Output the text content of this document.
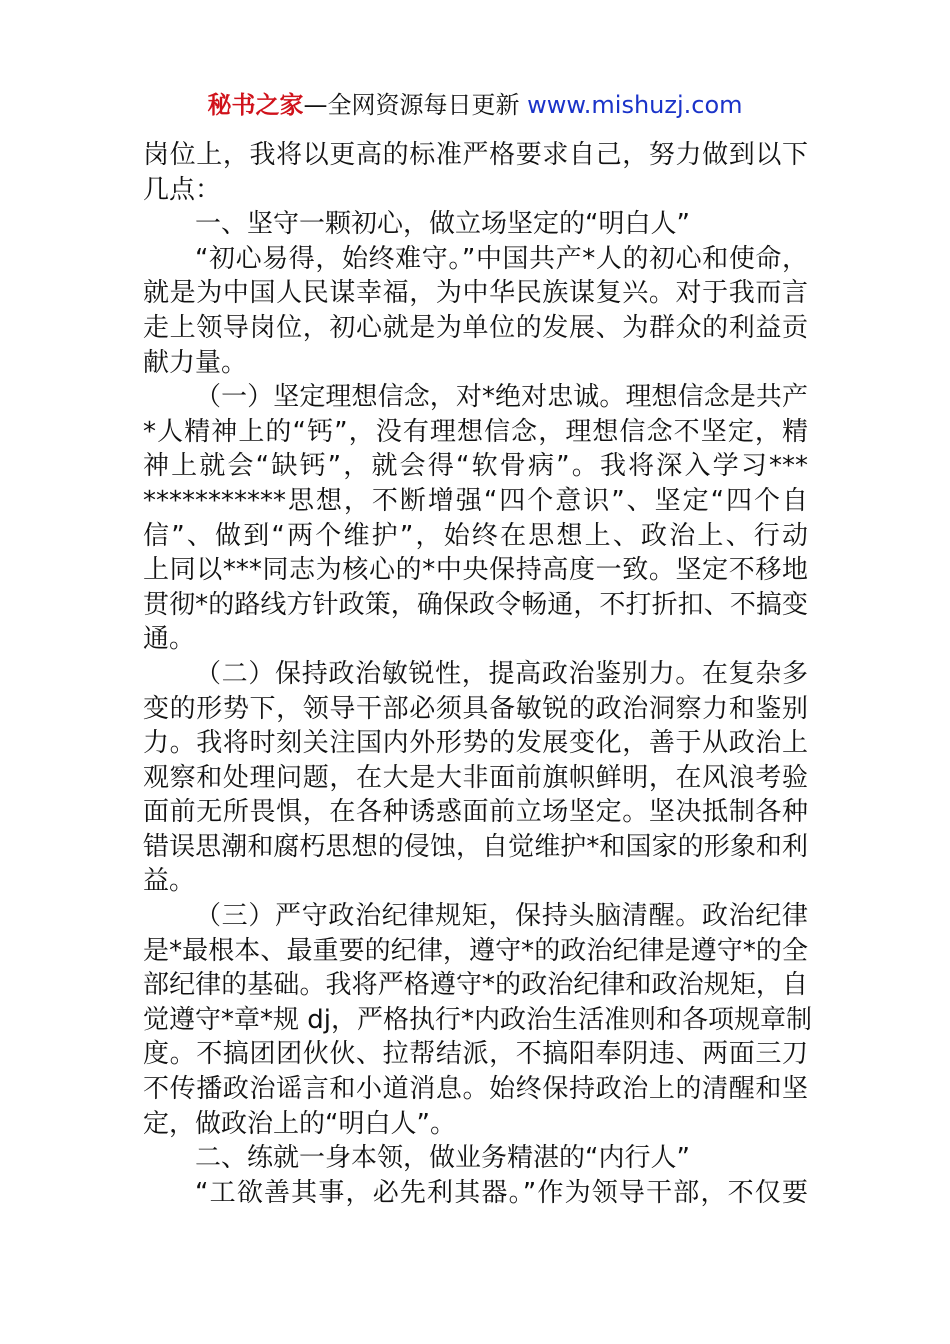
秘书之家—全网资源每日更新 www.mishuzj.com
岗位上，我将以更高的标准严格要求自己，努力做到以下
几点：
一、坚守一颗初心，做立场坚定的“明白人”
“初心易得，始终难守。”中国共产*人的初心和使命，
就是为中国人民谋幸福，为中华民族谋复兴。对于我而言
走上领导岗位，初心就是为单位的发展、为群众的利益贡
献力量。
（一）坚定理想信念，对*绝对忠诚。理想信念是共产
*人精神上的“钙”，没有理想信念，理想信念不坚定，精
神上就会“缺钙”，就会得“软骨病”。我将深入学习***
***********思想，不断增强“四个意识”、坚定“四个自
信”、做到“两个维护”，始终在思想上、政治上、行动
上同以***同志为核心的*中央保持高度一致。坚定不移地
贯彻*的路线方针政策，确保政令畅通，不打折扣、不搞变
通。
（二）保持政治敏锐性，提高政治鉴别力。在复杂多
变的形势下，领导干部必须具备敏锐的政治洞察力和鉴别
力。我将时刻关注国内外形势的发展变化，善于从政治上
观察和处理问题，在大是大非面前旗帜鲜明，在风浪考验
面前无所畏惧，在各种诱惑面前立场坚定。坚决抵制各种
错误思潮和腐朽思想的侵蚀，自觉维护*和国家的形象和利
益。
（三）严守政治纪律规矩，保持头脑清醒。政治纪律
是*最根本、最重要的纪律，遵守*的政治纪律是遵守*的全
部纪律的基础。我将严格遵守*的政治纪律和政治规矩，自
觉遵守*章*规 dj，严格执行*内政治生活准则和各项规章制
度。不搞团团伙伙、拉帮结派，不搞阳奉阴违、两面三刀
不传播政治谣言和小道消息。始终保持政治上的清醒和坚
定，做政治上的“明白人”。
二、练就一身本领，做业务精湛的“内行人”
“工欲善其事，必先利其器。”作为领导干部，不仅要
